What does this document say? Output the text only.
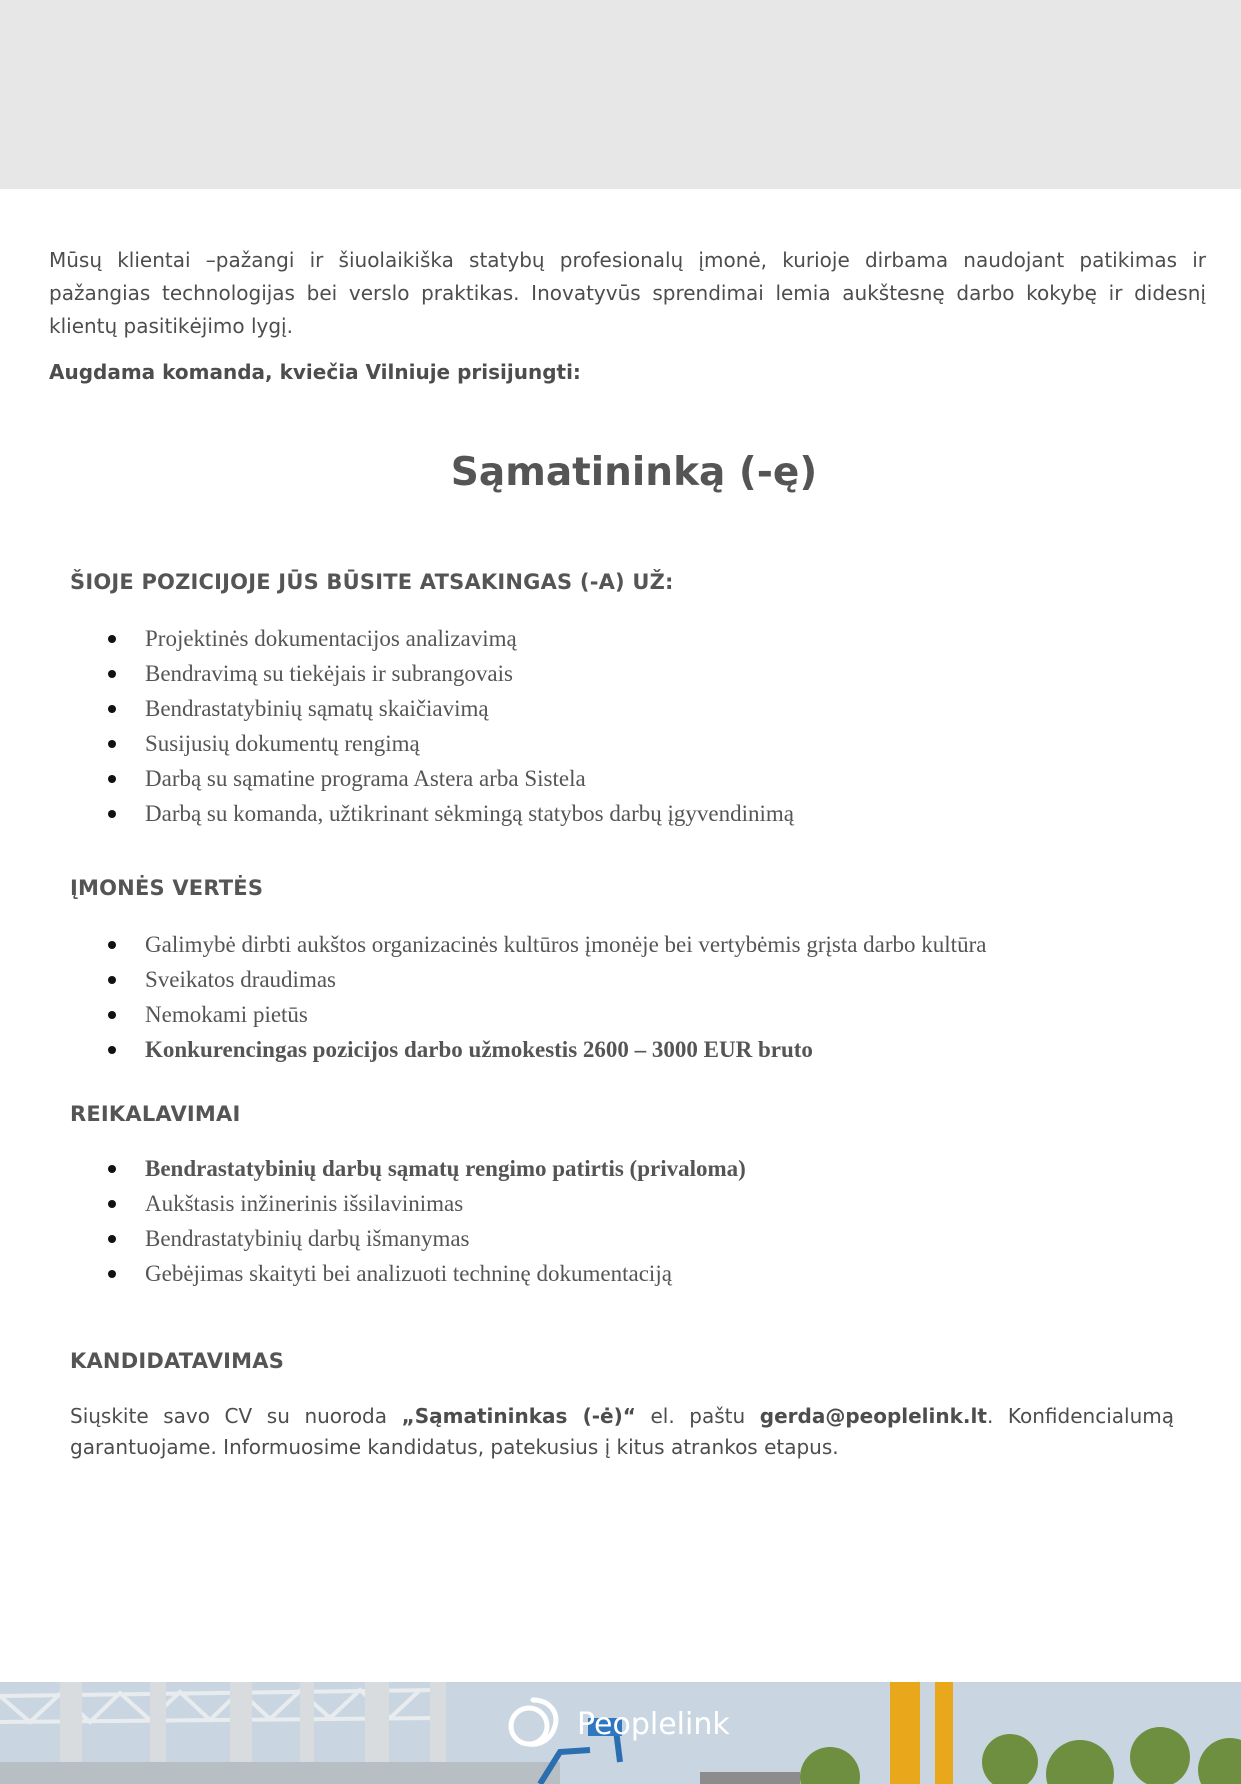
Mūsų klientai –pažangi ir šiuolaikiška statybų profesionalų įmonė, kurioje dirbama naudojant patikimas ir pažangias technologijas bei verslo praktikas. Inovatyvūs sprendimai lemia aukštesnę darbo kokybę ir didesnį klientų pasitikėjimo lygį.

Augdama komanda, kviečia Vilniuje prisijungti:

Sąmatininką (-ę)
ŠIOJE POZICIJOJE JŪS BŪSITE ATSAKINGAS (-A) UŽ:
Projektinės dokumentacijos analizavimą
Bendravimą su tiekėjais ir subrangovais
Bendrastatybinių sąmatų skaičiavimą
Susijusių dokumentų rengimą
Darbą su sąmatine programa Astera arba Sistela
Darbą su komanda, užtikrinant sėkmingą statybos darbų įgyvendinimą
ĮMONĖS VERTĖS
Galimybė dirbti aukštos organizacinės kultūros įmonėje bei vertybėmis grįsta darbo kultūra
Sveikatos draudimas
Nemokami pietūs
Konkurencingas pozicijos darbo užmokestis 2600 – 3000 EUR bruto
REIKALAVIMAI
Bendrastatybinių darbų sąmatų rengimo patirtis (privaloma)
Aukštasis inžinerinis išsilavinimas
Bendrastatybinių darbų išmanymas
Gebėjimas skaityti bei analizuoti techninę dokumentaciją
KANDIDATAVIMAS

Siųskite savo CV su nuoroda „Sąmatininkas (-ė)“ el. paštu gerda@peoplelink.lt. Konfidencialumą garantuojame. Informuosime kandidatus, patekusius į kitus atrankos etapus.

Peoplelink
